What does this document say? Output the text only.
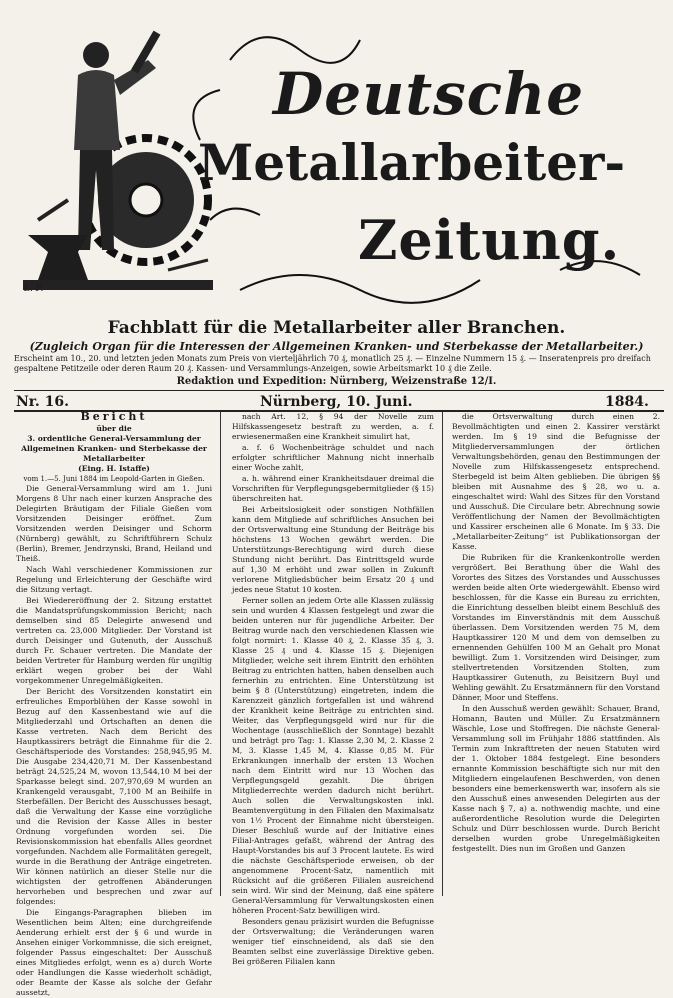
Deutsche
Metallarbeiter-
Zeitung.
L. F.
Fachblatt für die Metallarbeiter aller Branchen.
(Zugleich Organ für die Interessen der Allgemeinen Kranken- und Sterbekasse der Metallarbeiter.)
Erscheint am 10., 20. und letzten jeden Monats zum Preis von vierteljährlich 70 ₰, monatlich 25 ₰. — Einzelne Nummern 15 ₰. — Inseratenpreis pro dreifach gespaltene Petitzeile oder deren Raum 20 ₰. Kassen- und Versammlungs-Anzeigen, sowie Arbeitsmarkt 10 ₰ die Zeile.
Redaktion und Expedition: Nürnberg, Weizenstraße 12/I.
Nr. 16.	Nürnberg, 10. Juni.	1884.
Bericht
über die
3. ordentliche General-Versammlung der Allgemeinen Kranken- und Sterbekasse der Metallarbeiter
(Eing. H. Istaffe)
vom 1.—5. Juni 1884 im Leopold-Garten in Gießen.

Die General-Versammlung wird am 1. Juni Morgens 8 Uhr nach einer kurzen Ansprache des Delegirten Bräutigam der Filiale Gießen vom Vorsitzenden Deisinger eröffnet. Zum Vorsitzenden werden Deisinger und Schorm (Nürnberg) gewählt, zu Schriftführern Schulz (Berlin), Bremer, Jendrzynski, Brand, Heiland und Theiß.

Nach Wahl verschiedener Kommissionen zur Regelung und Erleichterung der Geschäfte wird die Sitzung vertagt.

Bei Wiedereröffnung der 2. Sitzung erstattet die Mandatsprüfungskommission Bericht; nach demselben sind 85 Delegirte anwesend und vertreten ca. 23,000 Mitglieder. Der Vorstand ist durch Deisinger und Gutenuth, der Ausschuß durch Fr. Schauer vertreten. Die Mandate der beiden Vertreter für Hamburg werden für ungiltig erklärt wegen grober bei der Wahl vorgekommener Unregelmäßigkeiten.

Der Bericht des Vorsitzenden konstatirt ein erfreuliches Emporblühen der Kasse sowohl in Bezug auf den Kassenbestand wie auf die Mitgliederzahl und Ortschaften an denen die Kasse vertreten. Nach dem Bericht des Hauptkassirers beträgt die Einnahme für die 2. Geschäftsperiode des Vorstandes: 258,945,95 M. Die Ausgabe 234,420,71 M. Der Kassenbestand beträgt 24,525,24 M, wovon 13,544,10 M bei der Sparkasse belegt sind. 207,970,69 M wurden an Krankengeld verausgabt, 7,100 M an Beihilfe in Sterbefällen. Der Bericht des Ausschusses besagt, daß die Verwaltung der Kasse eine vorzügliche und die Revision der Kasse Alles in bester Ordnung vorgefunden worden sei. Die Revisionskommission hat ebenfalls Alles geordnet vorgefunden. Nachdem alle Formalitäten geregelt, wurde in die Berathung der Anträge eingetreten. Wir können natürlich an dieser Stelle nur die wichtigsten der getroffenen Abänderungen hervorheben und besprechen und zwar auf folgendes:

Die Eingangs-Paragraphen blieben im Wesentlichen beim Alten; eine durchgreifende Aenderung erhielt erst der § 6 und wurde in Ansehen einiger Vorkommnisse, die sich ereignet, folgender Passus eingeschaltet: Der Ausschuß eines Mitgliedes erfolgt, wenn es a) durch Worte oder Handlungen die Kasse wiederholt schädigt, oder Beamte der Kasse als solche der Gefahr aussetzt,

nach Art. 12, § 94 der Novelle zum Hilfskassengesetz bestraft zu werden, a. f. erwiesenermaßen eine Krankheit simulirt hat,

a. f. 6 Wochenbeiträge schuldet und nach erfolgter schriftlicher Mahnung nicht innerhalb einer Woche zahlt,

a. h. während einer Krankheitsdauer dreimal die Vorschriften für Verpflegungsgebermitglieder (§ 15) überschreiten hat.

Bei Arbeitslosigkeit oder sonstigen Nothfällen kann dem Mitgliede auf schriftliches Ansuchen bei der Ortsverwaltung eine Stundung der Beiträge bis höchstens 13 Wochen gewährt werden. Die Unterstützungs-Berechtigung wird durch diese Stundung nicht berührt. Das Eintrittsgeld wurde auf 1,30 M erhöht und zwar sollen in Zukunft verlorene Mitgliedsbücher beim Ersatz 20 ₰ und jedes neue Statut 10 kosten.

Ferner sollen an jedem Orte alle Klassen zulässig sein und wurden 4 Klassen festgelegt und zwar die beiden unteren nur für jugendliche Arbeiter. Der Beitrag wurde nach den verschiedenen Klassen wie folgt normirt: 1. Klasse 40 ₰, 2. Klasse 35 ₰, 3. Klasse 25 ₰ und 4. Klasse 15 ₰. Diejenigen Mitglieder, welche seit ihrem Eintritt den erhöhten Beitrag zu entrichten hatten, haben denselben auch fernerhin zu entrichten. Eine Unterstützung ist beim § 8 (Unterstützung) eingetreten, indem die Karenzzeit gänzlich fortgefallen ist und während der Krankheit keine Beiträge zu entrichten sind. Weiter, das Verpflegungsgeld wird nur für die Wochentage (ausschließlich der Sonntage) bezahlt und beträgt pro Tag: 1. Klasse 2,30 M, 2. Klasse 2 M, 3. Klasse 1,45 M, 4. Klasse 0,85 M. Für Erkrankungen innerhalb der ersten 13 Wochen nach dem Eintritt wird nur 13 Wochen das Verpflegungsgeld gezahlt. Die übrigen Mitgliederrechte werden dadurch nicht berührt. Auch sollen die Verwaltungskosten inkl. Beamtenvergütung in den Filialen den Maximalsatz von 1½ Procent der Einnahme nicht übersteigen. Dieser Beschluß wurde auf der Initiative eines Filial-Antrages gefaßt, während der Antrag des Haupt-Vorstandes bis auf 3 Procent lautete. Es wird die nächste Geschäftsperiode erweisen, ob der angenommene Procent-Satz, namentlich mit Rücksicht auf die größeren Filialen ausreichend sein wird. Wir sind der Meinung, daß eine spätere General-Versammlung für Verwaltungskosten einen höheren Procent-Satz bewilligen wird.

Besonders genau präzisirt wurden die Befugnisse der Ortsverwaltung; die Veränderungen waren weniger tief einschneidend, als daß sie den Beamten selbst eine zuverlässige Direktive geben. Bei größeren Filialen kann

die Ortsverwaltung durch einen 2. Bevollmächtigten und einen 2. Kassirer verstärkt werden. Im § 19 sind die Befugnisse der Mitgliederversammlungen der örtlichen Verwaltungsbehörden, genau den Bestimmungen der Novelle zum Hilfskassengesetz entsprechend. Sterbegeld ist beim Alten geblieben. Die übrigen §§ bleiben mit Ausnahme des § 28, wo u. a. eingeschaltet wird: Wahl des Sitzes für den Vorstand und Ausschuß. Die Circulare betr. Abrechnung sowie Veröffentlichung der Namen der Bevollmächtigten und Kassirer erscheinen alle 6 Monate. Im § 33. Die „Metallarbeiter-Zeitung“ ist Publikationsorgan der Kasse.

Die Rubriken für die Krankenkontrolle werden vergrößert. Bei Berathung über die Wahl des Vorortes des Sitzes des Vorstandes und Ausschusses werden beide alten Orte wiedergewählt. Ebenso wird beschlossen, für die Kasse ein Bureau zu errichten, die Einrichtung desselben bleibt einem Beschluß des Vorstandes im Einverständnis mit dem Ausschuß überlassen. Dem Vorsitzenden werden 75 M, dem Hauptkassirer 120 M und dem von demselben zu ernennenden Gehülfen 100 M an Gehalt pro Monat bewilligt. Zum 1. Vorsitzenden wird Deisinger, zum stellvertretenden Vorsitzenden Stolten, zum Hauptkassirer Gutenuth, zu Beisitzern Buyl und Wehling gewählt. Zu Ersatzmännern für den Vorstand Dänner, Moor und Steffens.

In den Ausschuß werden gewählt: Schauer, Brand, Homann, Bauten und Müller. Zu Ersatzmännern Wäschle, Lose und Stoffregen. Die nächste General-Versammlung soll im Frühjahr 1886 stattfinden. Als Termin zum Inkrafttreten der neuen Statuten wird der 1. Oktober 1884 festgelegt. Eine besonders ernannte Kommission beschäftigte sich nur mit den Mitgliedern eingelaufenen Beschwerden, von denen besonders eine bemerkenswerth war, insofern als sie den Ausschuß eines anwesenden Delegirten aus der Kasse nach § 7, a) a. nothwendig machte, und eine außerordentliche Resolution wurde die Delegirten Schulz und Dürr beschlossen wurde. Durch Bericht derselben wurden grobe Unregelmäßigkeiten festgestellt. Dies nun im Großen und Ganzen
